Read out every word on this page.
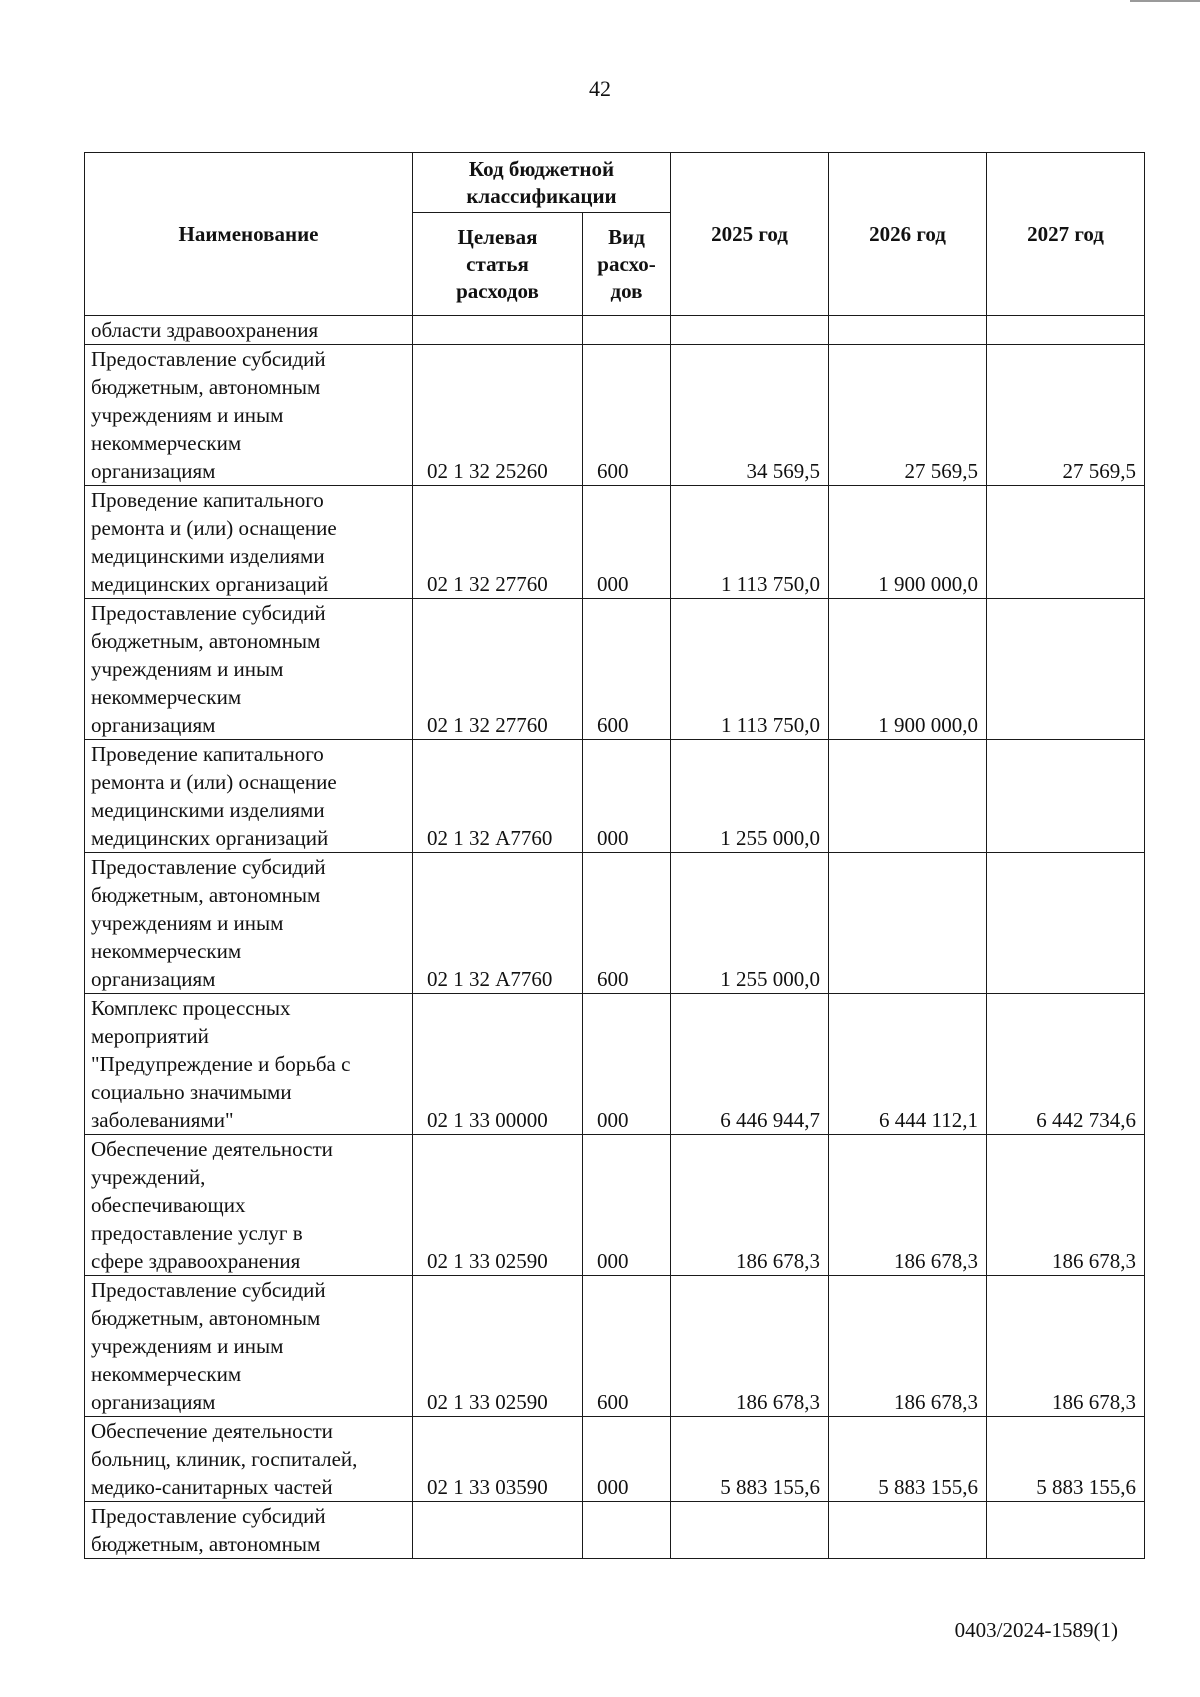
42
Наименование	Код бюджетной классификации		2025 год	2026 год	2027 год
	Целевая статья расходов	Вид расхо-дов			

области здравоохранения					

Предоставление субсидий
бюджетным, автономным
учреждениям и иным
некоммерческим
организациям	02 1 32 25260	600	34 569,5	27 569,5	27 569,5

Проведение капитального
ремонта и (или) оснащение
медицинскими изделиями
медицинских организаций	02 1 32 27760	000	1 113 750,0	1 900 000,0	

Предоставление субсидий
бюджетным, автономным
учреждениям и иным
некоммерческим
организациям	02 1 32 27760	600	1 113 750,0	1 900 000,0	

Проведение капитального
ремонта и (или) оснащение
медицинскими изделиями
медицинских организаций	02 1 32 А7760	000	1 255 000,0		

Предоставление субсидий
бюджетным, автономным
учреждениям и иным
некоммерческим
организациям	02 1 32 А7760	600	1 255 000,0		

Комплекс процессных
мероприятий
"Предупреждение и борьба с
социально значимыми
заболеваниями"	02 1 33 00000	000	6 446 944,7	6 444 112,1	6 442 734,6

Обеспечение деятельности
учреждений,
обеспечивающих
предоставление услуг в
сфере здравоохранения	02 1 33 02590	000	186 678,3	186 678,3	186 678,3

Предоставление субсидий
бюджетным, автономным
учреждениям и иным
некоммерческим
организациям	02 1 33 02590	600	186 678,3	186 678,3	186 678,3

Обеспечение деятельности
больниц, клиник, госпиталей,
медико-санитарных частей	02 1 33 03590	000	5 883 155,6	5 883 155,6	5 883 155,6

Предоставление субсидий
бюджетным, автономным					

0403/2024-1589(1)
